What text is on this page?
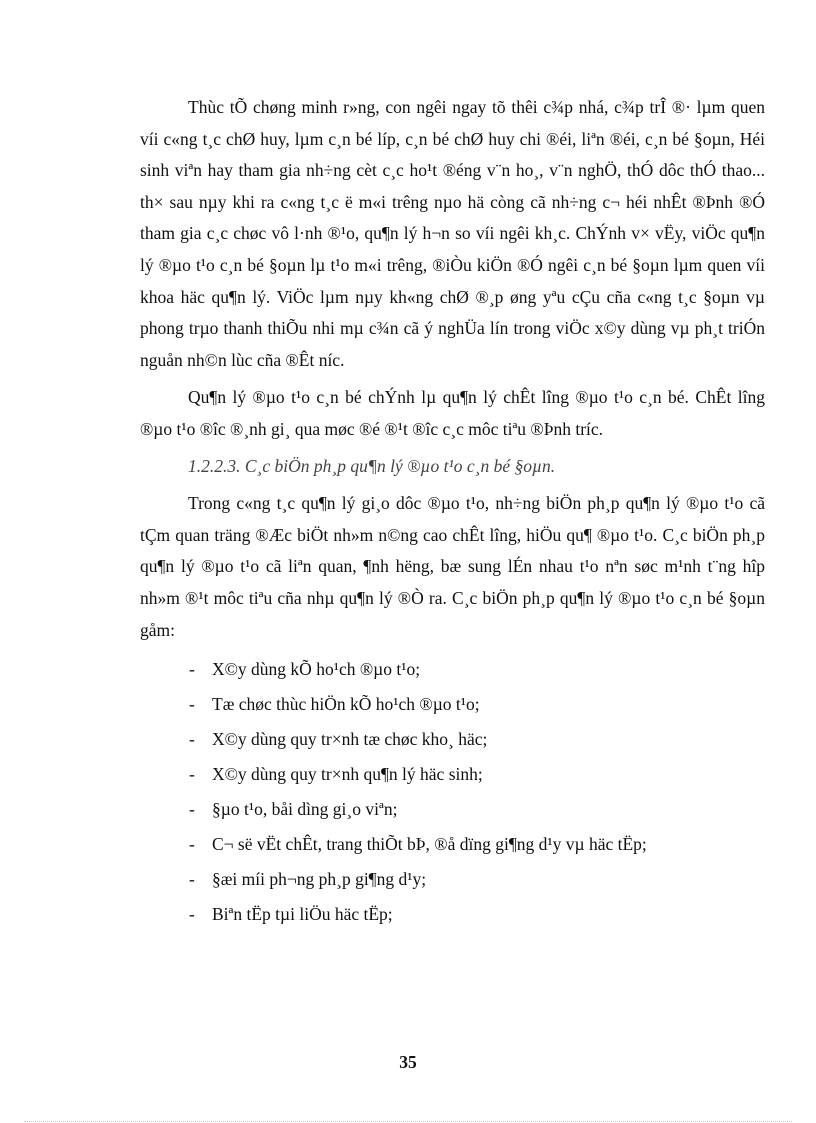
Thùc tÕ chøng minh r»ng, con ngêi ngay tõ thêi c¾p nhá, c¾p trÎ ®· lµm quen víi c«ng t¸c chØ huy, lµm c¸n bé líp, c¸n bé chØ huy chi ®éi, liªn ®éi, c¸n bé §oµn, Héi sinh viªn hay tham gia nh÷ng cèt c¸c ho¹t ®éng v¨n ho¸, v¨n nghÖ, thÓ dôc thÓ thao... th× sau nµy khi ra c«ng t¸c ë m«i trêng nµo hä còng cã nh÷ng c¬ héi nhÊt ®Þnh ®Ó tham gia c¸c chøc vô l·nh ®¹o, qu¶n lý h¬n so víi ngêi kh¸c. ChÝnh v× vËy, viÖc qu¶n lý ®µo t¹o c¸n bé §oµn lµ t¹o m«i trêng, ®iÒu kiÖn ®Ó ngêi c¸n bé §oµn lµm quen víi khoa häc qu¶n lý. ViÖc lµm nµy kh«ng chØ ®¸p øng yªu cÇu cña c«ng t¸c §oµn vµ phong trµo thanh thiÕu nhi mµ c¾n cã ý nghÜa lín trong viÖc x©y dùng vµ ph¸t triÓn nguån nh©n lùc cña ®Êt níc.

Qu¶n lý ®µo t¹o c¸n bé chÝnh lµ qu¶n lý chÊt lîng ®µo t¹o c¸n bé. ChÊt lîng ®µo t¹o ®îc ®¸nh gi¸ qua møc ®é ®¹t ®îc c¸c môc tiªu ®Þnh tríc.

1.2.2.3. C¸c biÖn ph¸p qu¶n lý ®µo t¹o c¸n bé §oµn.

Trong c«ng t¸c qu¶n lý gi¸o dôc ®µo t¹o, nh÷ng biÖn ph¸p qu¶n lý ®µo t¹o cã tÇm quan träng ®Æc biÖt nh»m n©ng cao chÊt lîng, hiÖu qu¶ ®µo t¹o. C¸c biÖn ph¸p qu¶n lý ®µo t¹o cã liªn quan, ¶nh hëng, bæ sung lÉn nhau t¹o nªn søc m¹nh t¨ng hîp nh»m ®¹t môc tiªu cña nhµ qu¶n lý ®Ò ra. C¸c biÖn ph¸p qu¶n lý ®µo t¹o c¸n bé §oµn gåm:

- X©y dùng kÕ ho¹ch ®µo t¹o;
- Tæ chøc thùc hiÖn kÕ ho¹ch ®µo t¹o;
- X©y dùng quy tr×nh tæ chøc kho¸ häc;
- X©y dùng quy tr×nh qu¶n lý häc sinh;
- §µo t¹o, båi dìng gi¸o viªn;
- C¬ së vËt chÊt, trang thiÕt bÞ, ®å dïng gi¶ng d¹y vµ häc tËp;
- §æi míi ph¬ng ph¸p gi¶ng d¹y;
- Biªn tËp tµi liÖu häc tËp;
35
